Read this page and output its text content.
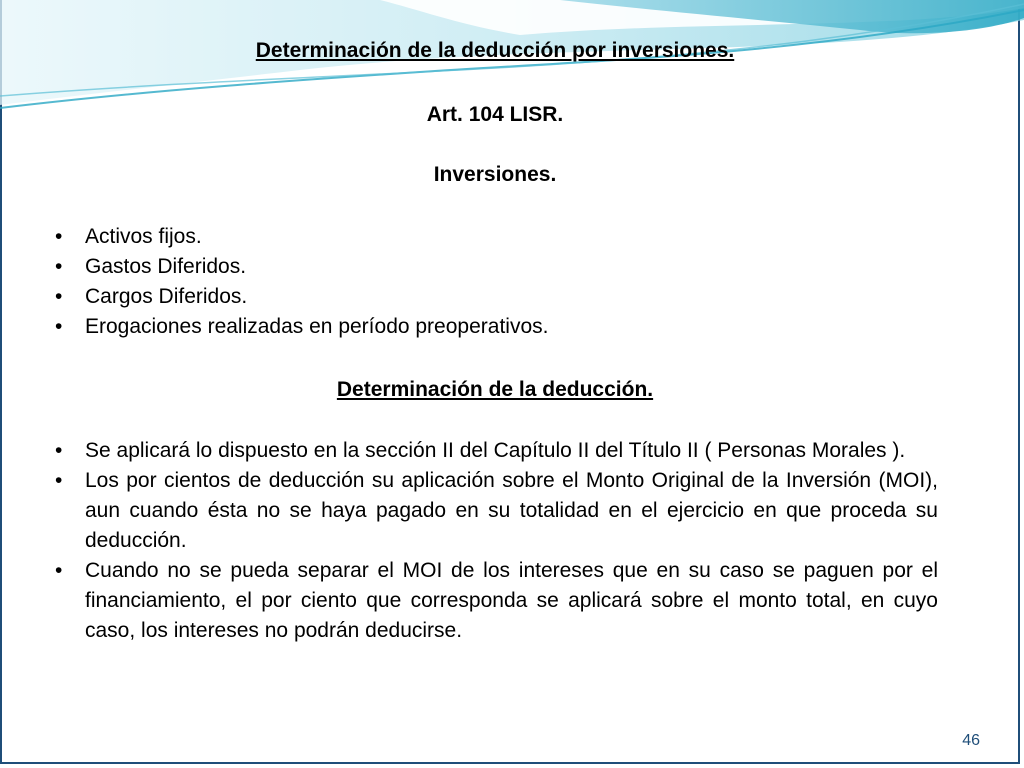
Determinación de la deducción por inversiones.
Art. 104 LISR.
Inversiones.
•	Activos fijos.
•	Gastos Diferidos.
•	Cargos Diferidos.
•	Erogaciones realizadas en período preoperativos.
Determinación de la deducción.
•	Se aplicará lo dispuesto en la sección II del Capítulo II del Título II ( Personas Morales ).
•	Los por cientos de deducción su aplicación sobre el Monto Original de la Inversión (MOI), aun cuando ésta no se haya pagado en su totalidad en el ejercicio en que proceda su deducción.
•	Cuando no se pueda separar el MOI de los intereses que en su caso se paguen por el financiamiento, el por ciento que corresponda se aplicará sobre el monto total, en cuyo caso, los intereses no podrán deducirse.
46
